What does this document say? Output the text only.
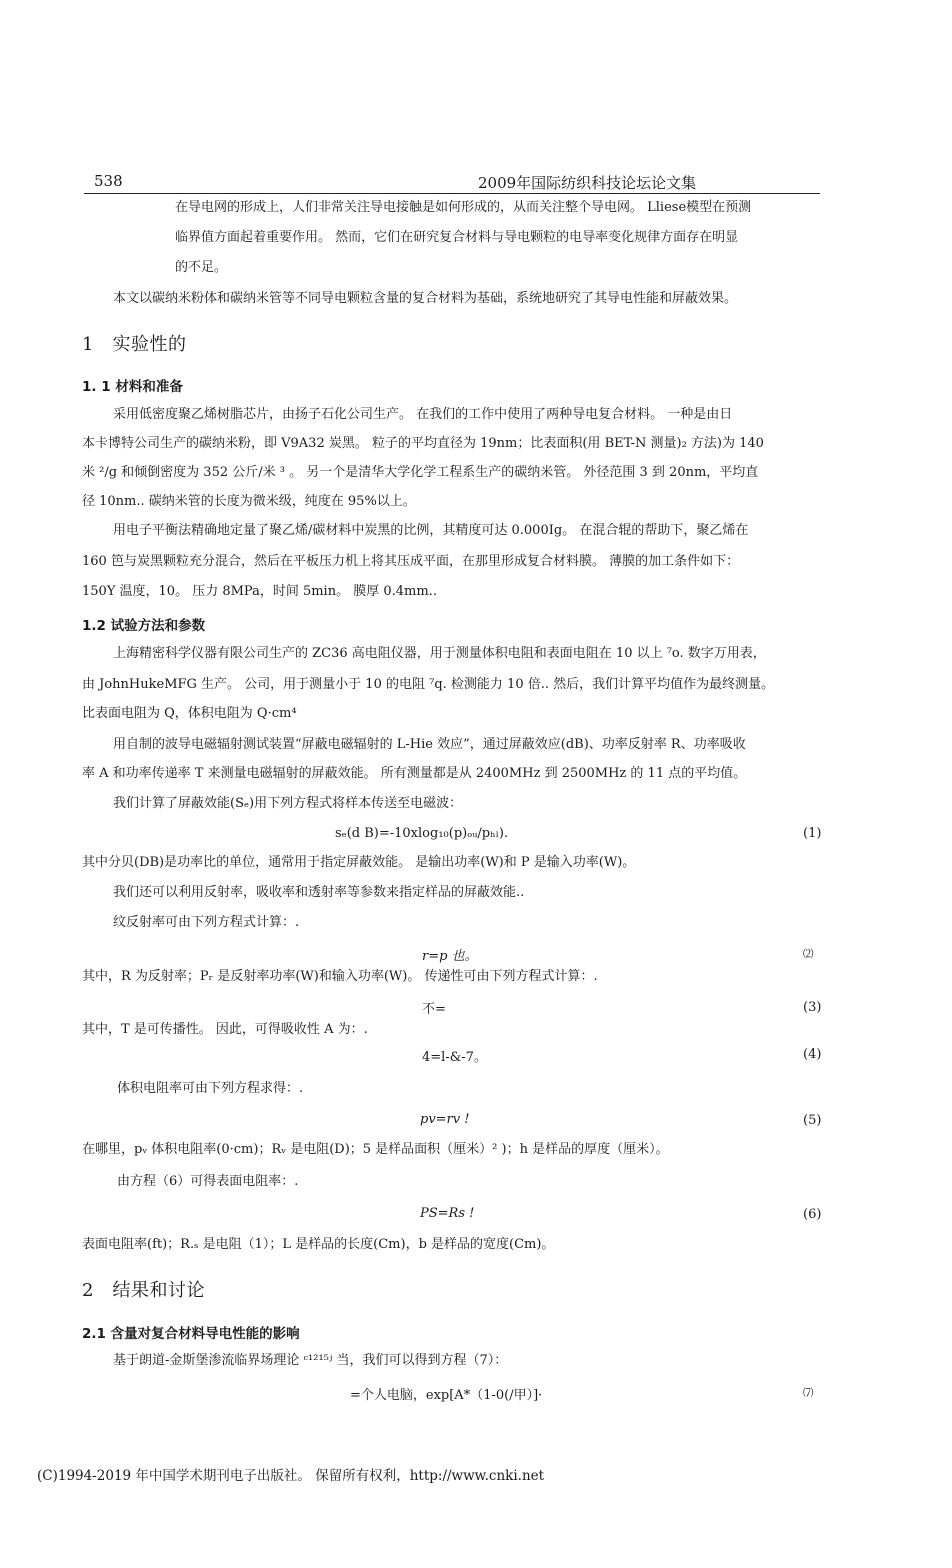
538	2009年国际纺织科技论坛论文集
在导电网的形成上，人们非常关注导电接触是如何形成的，从而关注整个导电网。 Lliese模型在预测
临界值方面起着重要作用。 然而，它们在研究复合材料与导电颗粒的电导率变化规律方面存在明显
的不足。
本文以碳纳米粉体和碳纳米管等不同导电颗粒含量的复合材料为基础，系统地研究了其导电性能和屏蔽效果。
1　实验性的
1. 1 材料和准备
采用低密度聚乙烯树脂芯片，由扬子石化公司生产。 在我们的工作中使用了两种导电复合材料。 一种是由日
本卡博特公司生产的碳纳米粉，即 V9A32 炭黑。 粒子的平均直径为 19nm；比表面积(用 BET-N 测量)₂ 方法)为 140
米 ²/g 和倾倒密度为 352 公斤/米 ³ 。 另一个是清华大学化学工程系生产的碳纳米管。 外径范围 3 到 20nm，平均直
径 10nm.. 碳纳米管的长度为微米级，纯度在 95%以上。
用电子平衡法精确地定量了聚乙烯/碳材料中炭黑的比例，其精度可达 0.000Ig。 在混合辊的帮助下，聚乙烯在
160 笆与炭黑颗粒充分混合，然后在平板压力机上将其压成平面，在那里形成复合材料膜。 薄膜的加工条件如下：
150Y 温度，10。 压力 8MPa，时间 5min。 膜厚 0.4mm..
1.2 试验方法和参数
上海精密科学仪器有限公司生产的 ZC36 高电阻仪器，用于测量体积电阻和表面电阻在 10 以上 ⁷o. 数字万用表，
由 JohnHukeMFG 生产。 公司，用于测量小于 10 的电阻 ⁷q. 检测能力 10 倍.. 然后，我们计算平均值作为最终测量。
比表面电阻为 Q，体积电阻为 Q·cm⁴
用自制的波导电磁辐射测试装置“屏蔽电磁辐射的 L-Hie 效应”，通过屏蔽效应(dB)、功率反射率 R、功率吸收
率 A 和功率传递率 T 来测量电磁辐射的屏蔽效能。 所有测量都是从 2400MHz 到 2500MHz 的 11 点的平均值。
我们计算了屏蔽效能(Sₑ)用下列方程式将样本传送至电磁波：
sₑ(d B)=-10xlog₁₀(p)ₒᵤ/pₕₗ).	(1)
其中分贝(DB)是功率比的单位，通常用于指定屏蔽效能。 是输出功率(W)和 P 是输入功率(W)。
我们还可以利用反射率，吸收率和透射率等参数来指定样品的屏蔽效能..
纹反射率可由下列方程式计算：.
r=p 也。	⑵
其中，R 为反射率；Pᵣ 是反射率功率(W)和输入功率(W)。 传递性可由下列方程式计算：.
不=	(3)
其中，T 是可传播性。 因此，可得吸收性 A 为：.
4=l-&-7。	(4)
体积电阻率可由下列方程求得：.
pv=rv !	(5)
在哪里，pᵥ 体积电阻率(0·cm)；Rᵥ 是电阻(D)；5 是样品面积（厘米）² )；h 是样品的厚度（厘米）。
由方程（6）可得表面电阻率：.
PS=Rs !	(6)
表面电阻率(ft)；R.ₛ 是电阻（1）；L 是样品的长度(Cm)，b 是样品的宽度(Cm)。
2　结果和讨论
2.1 含量对复合材料导电性能的影响
基于朗道-金斯堡渗流临界场理论 ᶜ¹²¹⁵ʲ 当，我们可以得到方程（7）：
=个人电脑，exp[A*（1-0(/甲）]·	⑺
(C)1994-2019 年中国学术期刊电子出版社。 保留所有权利，http://www.cnki.net
